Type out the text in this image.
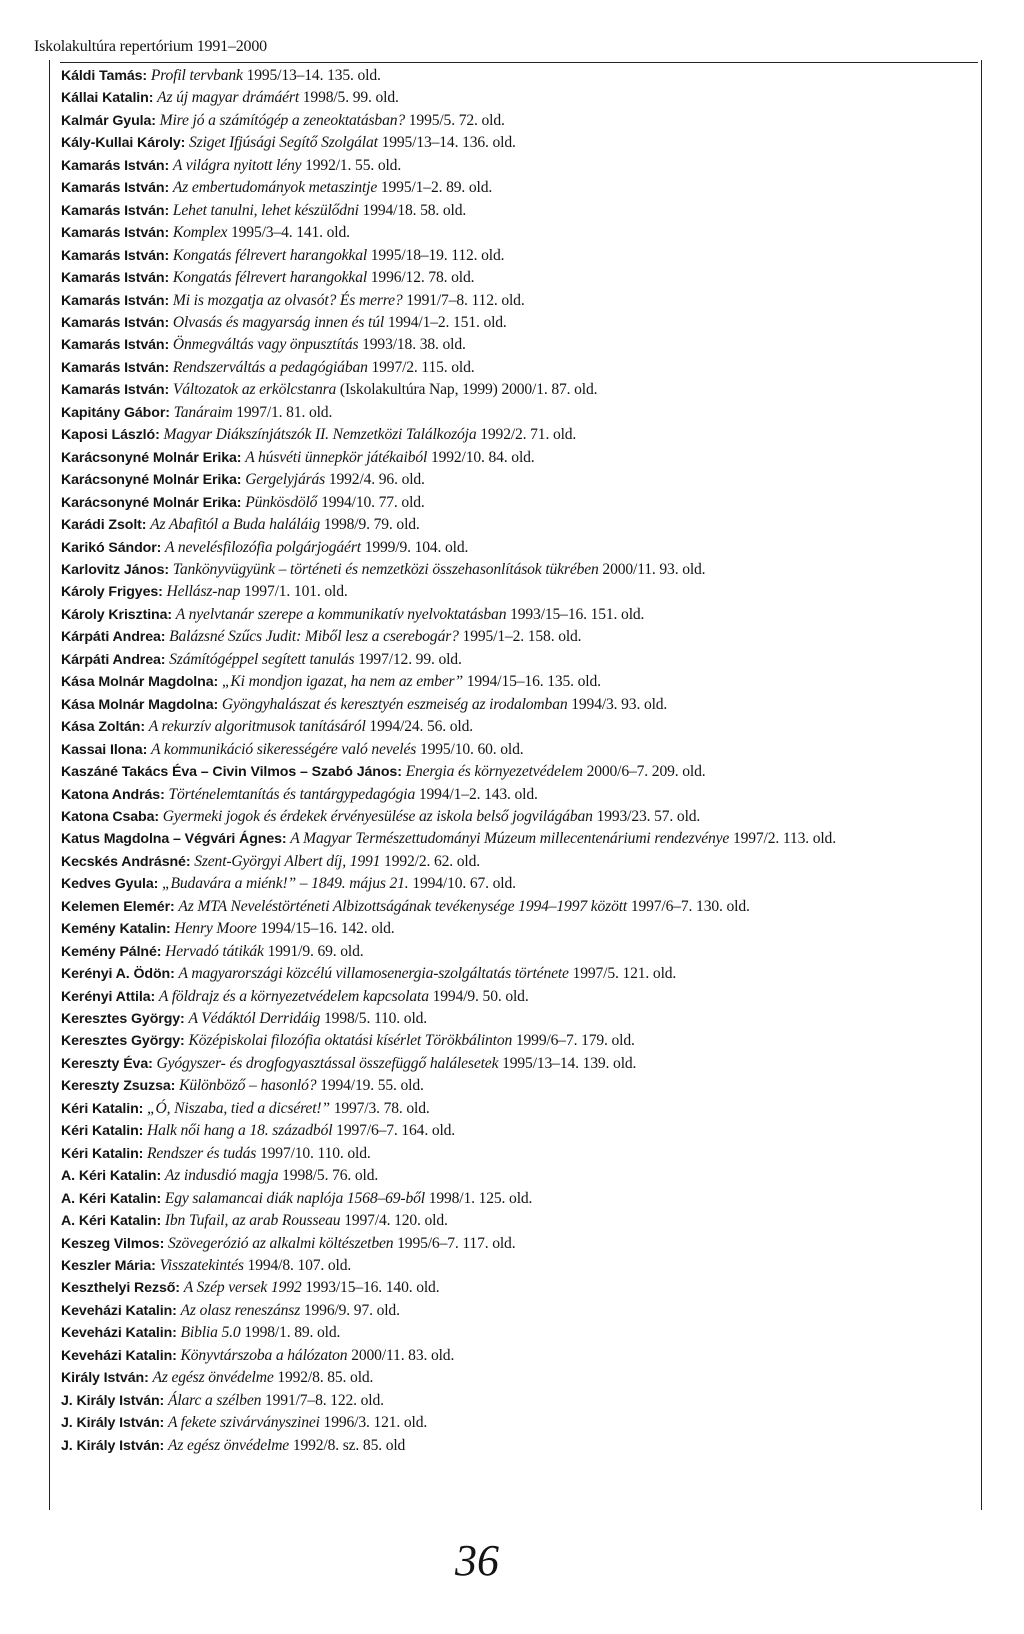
Iskolakultúra repertórium 1991–2000
Káldi Tamás: Profil tervbank 1995/13–14. 135. old.
Kállai Katalin: Az új magyar drámáért 1998/5. 99. old.
Kalmár Gyula: Mire jó a számítógép a zeneoktatásban? 1995/5. 72. old.
Kály-Kullai Károly: Sziget Ifjúsági Segítő Szolgálat 1995/13–14. 136. old.
Kamarás István: A világra nyitott lény 1992/1. 55. old.
Kamarás István: Az embertudományok metaszintje 1995/1–2. 89. old.
Kamarás István: Lehet tanulni, lehet készülődni 1994/18. 58. old.
Kamarás István: Komplex 1995/3–4. 141. old.
Kamarás István: Kongatás félrevert harangokkal 1995/18–19. 112. old.
Kamarás István: Kongatás félrevert harangokkal 1996/12. 78. old.
Kamarás István: Mi is mozgatja az olvasót? És merre? 1991/7–8. 112. old.
Kamarás István: Olvasás és magyarság innen és túl 1994/1–2. 151. old.
Kamarás István: Önmegváltás vagy önpusztítás 1993/18. 38. old.
Kamarás István: Rendszerváltás a pedagógiában 1997/2. 115. old.
Kamarás István: Változatok az erkölcstanra (Iskolakultúra Nap, 1999) 2000/1. 87. old.
Kapitány Gábor: Tanáraim 1997/1. 81. old.
Kaposi László: Magyar Diákszínjátszók II. Nemzetközi Találkozója 1992/2. 71. old.
Karácsonyné Molnár Erika: A húsvéti ünnepkör játékaiból 1992/10. 84. old.
Karácsonyné Molnár Erika: Gergelyjárás 1992/4. 96. old.
Karácsonyné Molnár Erika: Pünkösdölő 1994/10. 77. old.
Karádi Zsolt: Az Abafitól a Buda haláláig 1998/9. 79. old.
Karikó Sándor: A nevelésfilozófia polgárjogáért 1999/9. 104. old.
Karlovitz János: Tankönyvügyünk – történeti és nemzetközi összehasonlítások tükrében 2000/11. 93. old.
Károly Frigyes: Hellász-nap 1997/1. 101. old.
Károly Krisztina: A nyelvtanár szerepe a kommunikatív nyelvoktatásban 1993/15–16. 151. old.
Kárpáti Andrea: Balázsné Szűcs Judit: Miből lesz a cserebogár? 1995/1–2. 158. old.
Kárpáti Andrea: Számítógéppel segített tanulás 1997/12. 99. old.
Kása Molnár Magdolna: „Ki mondjon igazat, ha nem az ember” 1994/15–16. 135. old.
Kása Molnár Magdolna: Gyöngyhalászat és keresztyén eszmeiség az irodalomban 1994/3. 93. old.
Kása Zoltán: A rekurzív algoritmusok tanításáról 1994/24. 56. old.
Kassai Ilona: A kommunikáció sikerességére való nevelés 1995/10. 60. old.
Kaszáné Takács Éva – Civin Vilmos – Szabó János: Energia és környezetvédelem 2000/6–7. 209. old.
Katona András: Történelemtanítás és tantárgypedagógia 1994/1–2. 143. old.
Katona Csaba: Gyermeki jogok és érdekek érvényesülése az iskola belső jogvilágában 1993/23. 57. old.
Katus Magdolna – Végvári Ágnes: A Magyar Természettudományi Múzeum millecentenáriumi rendezvénye 1997/2. 113. old.
Kecskés Andrásné: Szent-Györgyi Albert díj, 1991 1992/2. 62. old.
Kedves Gyula: „Budavára a miénk!” – 1849. május 21. 1994/10. 67. old.
Kelemen Elemér: Az MTA Neveléstörténeti Albizottságának tevékenysége 1994–1997 között 1997/6–7. 130. old.
Kemény Katalin: Henry Moore 1994/15–16. 142. old.
Kemény Pálné: Hervadó tátikák 1991/9. 69. old.
Kerényi A. Ödön: A magyarországi közcélú villamosenergia-szolgáltatás története 1997/5. 121. old.
Kerényi Attila: A földrajz és a környezetvédelem kapcsolata 1994/9. 50. old.
Keresztes György: A Védáktól Derridáig 1998/5. 110. old.
Keresztes György: Középiskolai filozófia oktatási kísérlet Törökbálinton 1999/6–7. 179. old.
Kereszty Éva: Gyógyszer- és drogfogyasztással összefüggő halálesetek 1995/13–14. 139. old.
Kereszty Zsuzsa: Különböző – hasonló? 1994/19. 55. old.
Kéri Katalin: „Ó, Niszaba, tied a dicséret!” 1997/3. 78. old.
Kéri Katalin: Halk női hang a 18. századból 1997/6–7. 164. old.
Kéri Katalin: Rendszer és tudás 1997/10. 110. old.
A. Kéri Katalin: Az indusdió magja 1998/5. 76. old.
A. Kéri Katalin: Egy salamancai diák naplója 1568–69-ből 1998/1. 125. old.
A. Kéri Katalin: Ibn Tufail, az arab Rousseau 1997/4. 120. old.
Keszeg Vilmos: Szövegerózió az alkalmi költészetben 1995/6–7. 117. old.
Keszler Mária: Visszatekintés 1994/8. 107. old.
Keszthelyi Rezső: A Szép versek 1992 1993/15–16. 140. old.
Keveházi Katalin: Az olasz reneszánsz 1996/9. 97. old.
Keveházi Katalin: Biblia 5.0 1998/1. 89. old.
Keveházi Katalin: Könyvtárszoba a hálózaton 2000/11. 83. old.
Király István: Az egész önvédelme 1992/8. 85. old.
J. Király István: Álarc a szélben 1991/7–8. 122. old.
J. Király István: A fekete szivárványszinei 1996/3. 121. old.
J. Király István: Az egész önvédelme 1992/8. sz. 85. old
36
